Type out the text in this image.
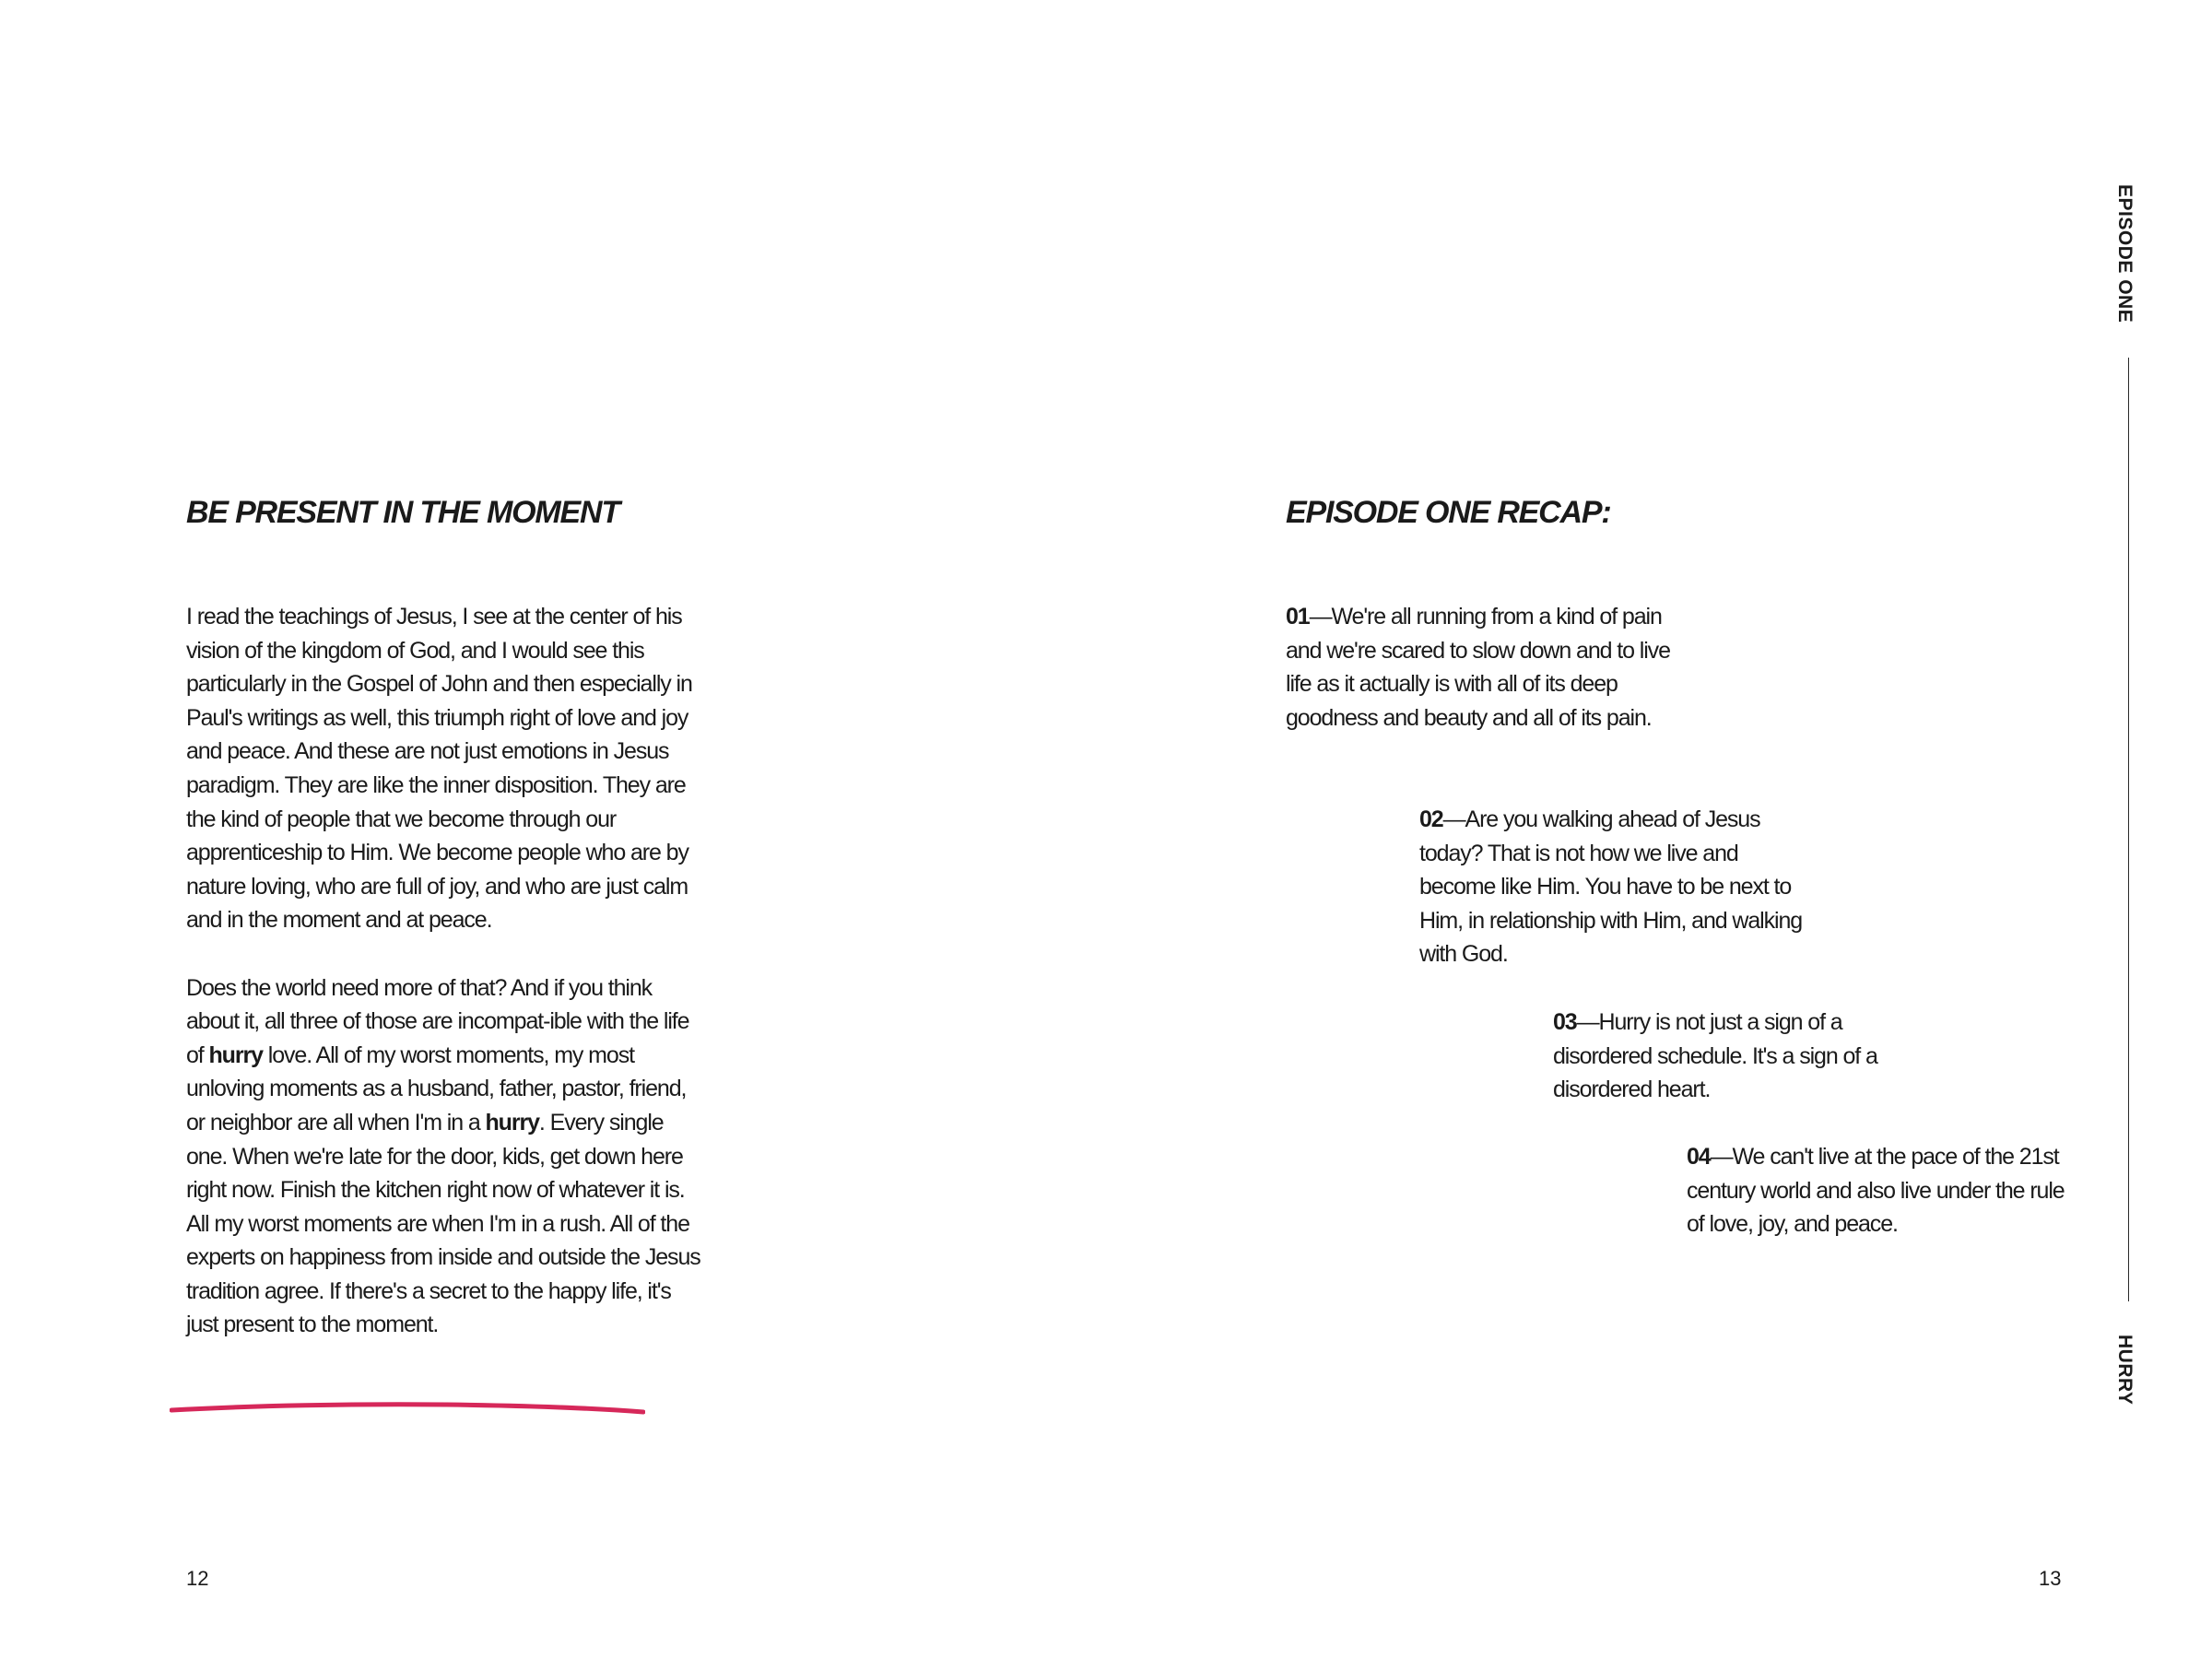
BE PRESENT IN THE MOMENT

I read the teachings of Jesus, I see at the center of his vision of the kingdom of God, and I would see this particularly in the Gospel of John and then especially in Paul's writings as well, this triumph right of love and joy and peace. And these are not just emotions in Jesus paradigm. They are like the inner disposition. They are the kind of people that we become through our apprenticeship to Him. We become people who are by nature loving, who are full of joy, and who are just calm and in the moment and at peace.

Does the world need more of that? And if you think about it, all three of those are incompat-ible with the life of hurry love. All of my worst moments, my most unloving moments as a husband, father, pastor, friend, or neighbor are all when I'm in a hurry. Every single one. When we're late for the door, kids, get down here right now. Finish the kitchen right now of whatever it is. All my worst moments are when I'm in a rush. All of the experts on happiness from inside and outside the Jesus tradition agree. If there's a secret to the happy life, it's just present to the moment.

12
EPISODE ONE RECAP:
01—We're all running from a kind of pain and we're scared to slow down and to live life as it actually is with all of its deep goodness and beauty and all of its pain.
02—Are you walking ahead of Jesus today? That is not how we live and become like Him. You have to be next to Him, in relationship with Him, and walking with God.
03—Hurry is not just a sign of a disordered schedule. It's a sign of a disordered heart.
04—We can't live at the pace of the 21st century world and also live under the rule of love, joy, and peace.
EPISODE ONE
HURRY
13
